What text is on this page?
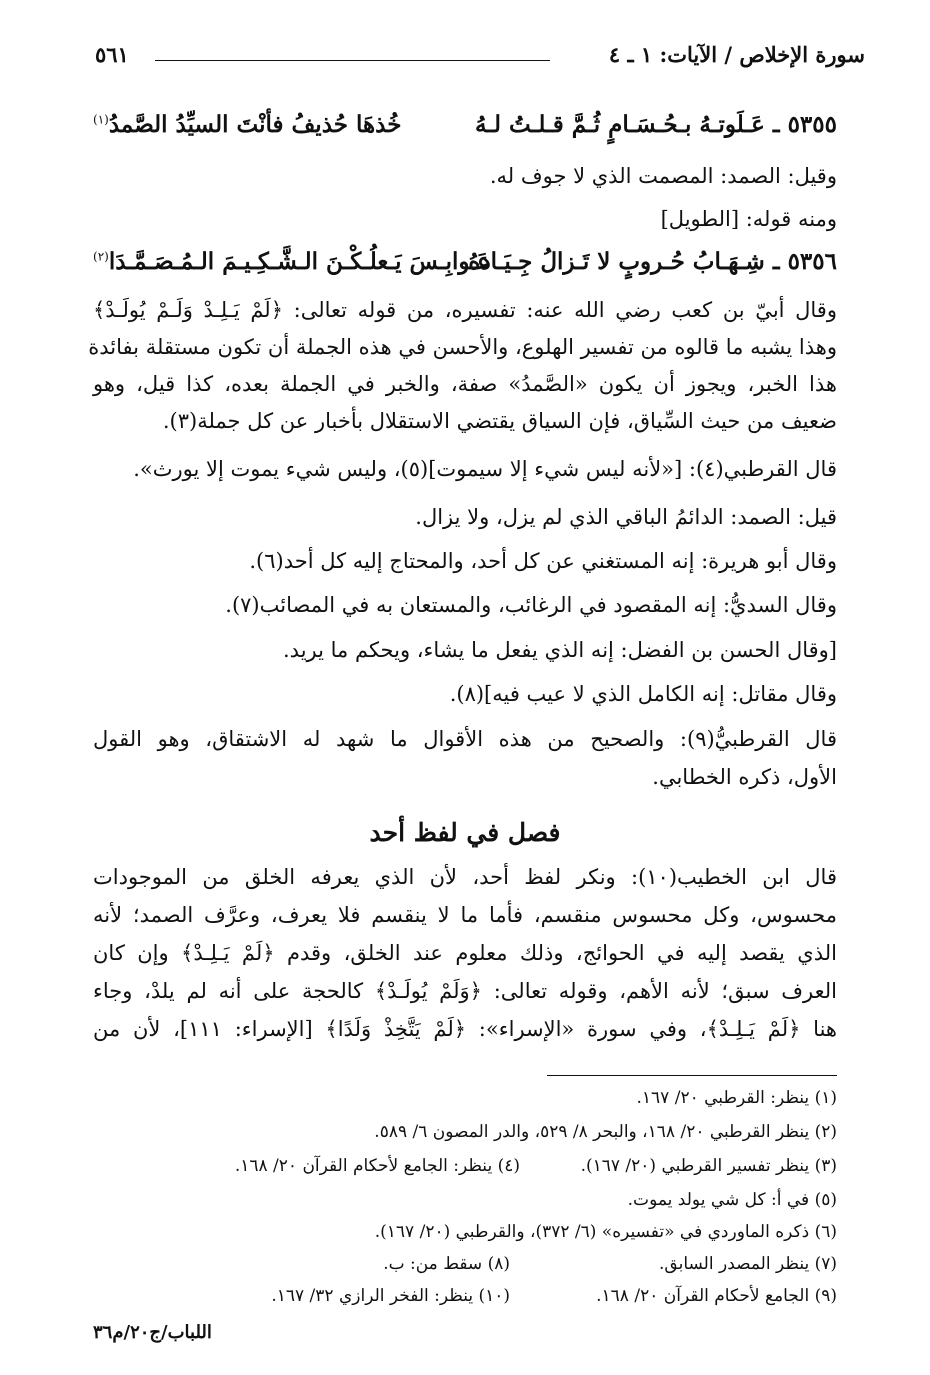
سورة الإخلاص / الآيات: ١ ـ ٤
٥٦١
٥٣٥٥ ـ عَـلَوتـهُ بـحُـسَـامٍ ثُـمَّ قـلـتُ لـهُ
خُذهَا حُذيفُ فأنْتَ السيِّدُ الصَّمدُ$^{(١)}$
وقيل: الصمد: المصمت الذي لا جوف له.
ومنه قوله: [الطويل]
٥٣٥٦ ـ شِـهَـابُ حُـروبٍ لا تَـزالُ جِـيَـادهُ
عَـوابِـسَ يَـعلُـكْـنَ الـشَّـكِـيـمَ الـمُـصَـمَّـدَا$^{(٢)}$
وقال أبيّ بن كعب رضي الله عنه: تفسيره، من قوله تعالى: ﴿لَمْ يَـلِـدْ وَلَـمْ يُولَـدْ﴾
وهذا يشبه ما قالوه من تفسير الهلوع، والأحسن في هذه الجملة أن تكون مستقلة بفائدة
هذا الخبر، ويجوز أن يكون «الصَّمدُ» صفة، والخبر في الجملة بعده، كذا قيل، وهو
ضعيف من حيث السِّياق، فإن السياق يقتضي الاستقلال بأخبار عن كل جملة(٣).
قال القرطبي(٤): [«لأنه ليس شيء إلا سيموت](٥)، وليس شيء يموت إلا يورث».
قيل: الصمد: الدائمُ الباقي الذي لم يزل، ولا يزال.
وقال أبو هريرة: إنه المستغني عن كل أحد، والمحتاج إليه كل أحد(٦).
وقال السديُّ: إنه المقصود في الرغائب، والمستعان به في المصائب(٧).
[وقال الحسن بن الفضل: إنه الذي يفعل ما يشاء، ويحكم ما يريد.
وقال مقاتل: إنه الكامل الذي لا عيب فيه](٨).
قال القرطبيُّ(٩): والصحيح من هذه الأقوال ما شهد له الاشتقاق، وهو القول
الأول، ذكره الخطابي.
فصل في لفظ أحد
قال ابن الخطيب(١٠): ونكر لفظ أحد، لأن الذي يعرفه الخلق من الموجودات
محسوس، وكل محسوس منقسم، فأما ما لا ينقسم فلا يعرف، وعرَّف الصمد؛ لأنه
الذي يقصد إليه في الحوائج، وذلك معلوم عند الخلق، وقدم ﴿لَمْ يَـلِـدْ﴾ وإن كان
العرف سبق؛ لأنه الأهم، وقوله تعالى: ﴿وَلَمْ يُولَـدْ﴾ كالحجة على أنه لم يلدْ، وجاء
هنا ﴿لَمْ يَـلِـدْ﴾، وفي سورة «الإسراء»: ﴿لَمْ يَتَّخِذْ وَلَدًا﴾ [الإسراء: ١١١]، لأن من
(١) ينظر: القرطبي ٢٠/ ١٦٧.
(٢) ينظر القرطبي ٢٠/ ١٦٨، والبحر ٨/ ٥٢٩، والدر المصون ٦/ ٥٨٩.
(٣) ينظر تفسير القرطبي (٢٠/ ١٦٧).
(٤) ينظر: الجامع لأحكام القرآن ٢٠/ ١٦٨.
(٥) في أ: كل شي يولد يموت.
(٦) ذكره الماوردي في «تفسيره» (٦/ ٣٧٢)، والقرطبي (٢٠/ ١٦٧).
(٧) ينظر المصدر السابق.
(٨) سقط من: ب.
(٩) الجامع لأحكام القرآن ٢٠/ ١٦٨.
(١٠) ينظر: الفخر الرازي ٣٢/ ١٦٧.
اللباب/ج٢٠/م٣٦
